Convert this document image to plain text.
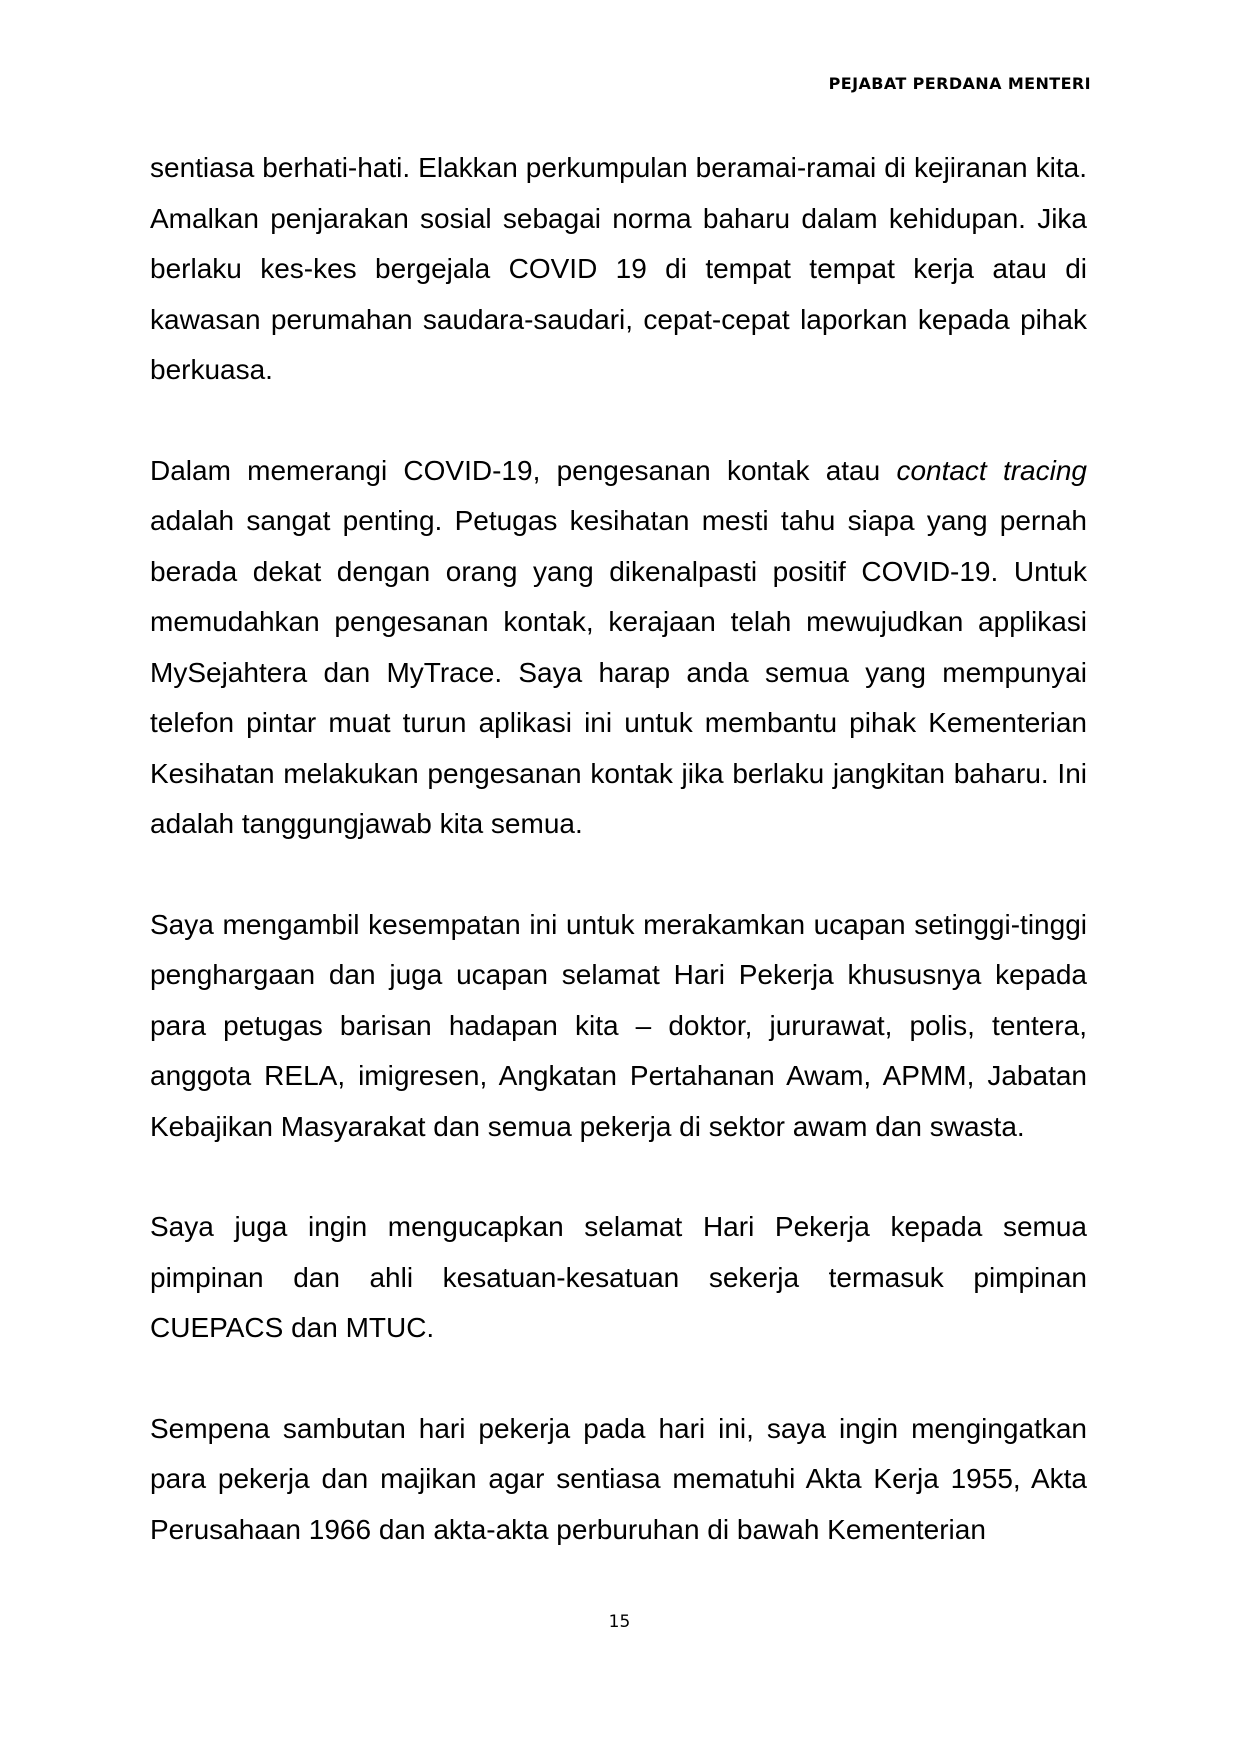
PEJABAT PERDANA MENTERI

sentiasa berhati-hati. Elakkan perkumpulan beramai-ramai di kejiranan kita. Amalkan penjarakan sosial sebagai norma baharu dalam kehidupan. Jika berlaku kes-kes bergejala COVID 19 di tempat tempat kerja atau di kawasan perumahan saudara-saudari, cepat-cepat laporkan kepada pihak berkuasa.

Dalam memerangi COVID-19, pengesanan kontak atau contact tracing adalah sangat penting. Petugas kesihatan mesti tahu siapa yang pernah berada dekat dengan orang yang dikenalpasti positif COVID-19. Untuk memudahkan pengesanan kontak, kerajaan telah mewujudkan applikasi MySejahtera dan MyTrace. Saya harap anda semua yang mempunyai telefon pintar muat turun aplikasi ini untuk membantu pihak Kementerian Kesihatan melakukan pengesanan kontak jika berlaku jangkitan baharu. Ini adalah tanggungjawab kita semua.

Saya mengambil kesempatan ini untuk merakamkan ucapan setinggi-tinggi penghargaan dan juga ucapan selamat Hari Pekerja khususnya kepada para petugas barisan hadapan kita – doktor, jururawat, polis, tentera, anggota RELA, imigresen, Angkatan Pertahanan Awam, APMM, Jabatan Kebajikan Masyarakat dan semua pekerja di sektor awam dan swasta.

Saya juga ingin mengucapkan selamat Hari Pekerja kepada semua pimpinan dan ahli kesatuan-kesatuan sekerja termasuk pimpinan CUEPACS dan MTUC.

Sempena sambutan hari pekerja pada hari ini, saya ingin mengingatkan para pekerja dan majikan agar sentiasa mematuhi Akta Kerja 1955, Akta Perusahaan 1966 dan akta-akta perburuhan di bawah Kementerian

15
